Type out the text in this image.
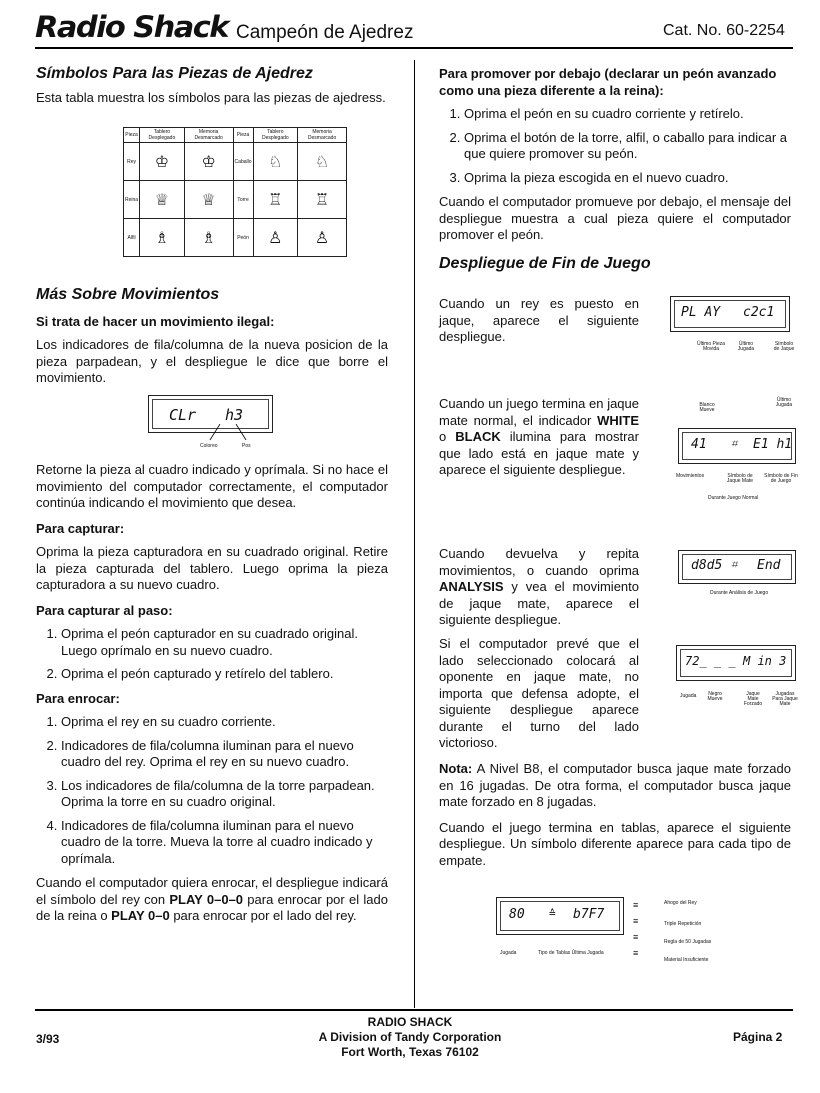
Radio Shack Campeón de Ajedrez	Cat. No. 60-2254

Símbolos Para las Piezas de Ajedrez

Esta tabla muestra los símbolos para las piezas de ajedress.

Pieza	Tablero Desplegado	Memoria Desmarcado	Pieza	Tablero Desplegado	Memoria Desmarcado
Rey	♔	♔	Caballo	♘	♘
Reina	♕	♕	Torre	♖	♖
Alfil	♗	♗	Peón	♙	♙

Más Sobre Movimientos

Si trata de hacer un movimiento ilegal:

Los indicadores de fila/columna de la nueva posicion de la pieza parpadean, y el despliegue le dice que borre el movimiento.

CLr h3
Coloreo	Pos

Retorne la pieza al cuadro indicado y oprímala. Si no hace el movimiento del computador correctamente, el computador continúa indicando el movimiento que desea.

Para capturar:

Oprima la pieza capturadora en su cuadrado original. Retire la pieza capturada del tablero. Luego oprima la pieza capturadora a su nuevo cuadro.

Para capturar al paso:

1. Oprima el peón capturador en su cuadrado original. Luego oprímalo en su nuevo cuadro.
2. Oprima el peón capturado y retírelo del tablero.

Para enrocar:

1. Oprima el rey en su cuadro corriente.
2. Indicadores de fila/columna iluminan para el nuevo cuadro del rey. Oprima el rey en su nuevo cuadro.
3. Los indicadores de fila/columna de la torre parpadean. Oprima la torre en su cuadro original.
4. Indicadores de fila/columna iluminan para el nuevo cuadro de la torre. Mueva la torre al cuadro indicado y oprímala.

Cuando el computador quiera enrocar, el despliegue indicará el símbolo del rey con PLAY 0–0–0 para enrocar por el lado de la reina o PLAY 0–0 para enrocar por el lado del rey.

Para promover por debajo (declarar un peón avanzado como una pieza diferente a la reina):

1. Oprima el peón en su cuadro corriente y retírelo.
2. Oprima el botón de la torre, alfil, o caballo para indicar a que quiere promover su peón.
3. Oprima la pieza escogida en el nuevo cuadro.

Cuando el computador promueve por debajo, el mensaje del despliegue muestra a cual pieza quiere el computador promover el peón.

Despliegue de Fin de Juego

Cuando un rey es puesto en jaque, aparece el siguiente despliegue.
PL AY c2c1
Último Pieza Movida
Último Jugada
Símbolo de Jaque
Cuando un juego termina en jaque mate normal, el indicador WHITE o BLACK ilumina para mostrar que lado está en jaque mate y aparece el siguiente despliegue.
Blanco Mueve
Último Jugada
41 ⌗ E1 h1
Movimientos	Símbolo de Jaque Mate
Símbolo de Fin de Juego
Durante Juego Normal
Cuando devuelva y repita movimientos, o cuando oprima ANALYSIS y vea el movimiento de jaque mate, aparece el siguiente despliegue.
d8d5 ⌗ End
Durante Análisis de Juego
Si el computador prevé que el lado seleccionado colocará al oponente en jaque mate, no importa que defensa adopte, el siguiente despliegue aparece durante el turno del lado victorioso.
72_ _ _ M in 3
Jugada	Negro Mueve
Jaque Mate Forzado
Jugadas Para Jaque Mate

Nota: A Nivel B8, el computador busca jaque mate forzado en 16 jugadas. De otra forma, el computador busca jaque mate forzado en 8 jugadas.

Cuando el juego termina en tablas, aparece el siguiente despliegue. Un símbolo diferente aparece para cada tipo de empate.

80 ≙ b7F7
≡
≡
≡
≡
Jugada	Tipo de Tablas Última Jugada
Ahogo del Rey
Triple Repetición
Regla de 50 Jugadas
Material Insuficiente
3/93
RADIO SHACK
A Division of Tandy Corporation
Fort Worth, Texas 76102
Página 2
